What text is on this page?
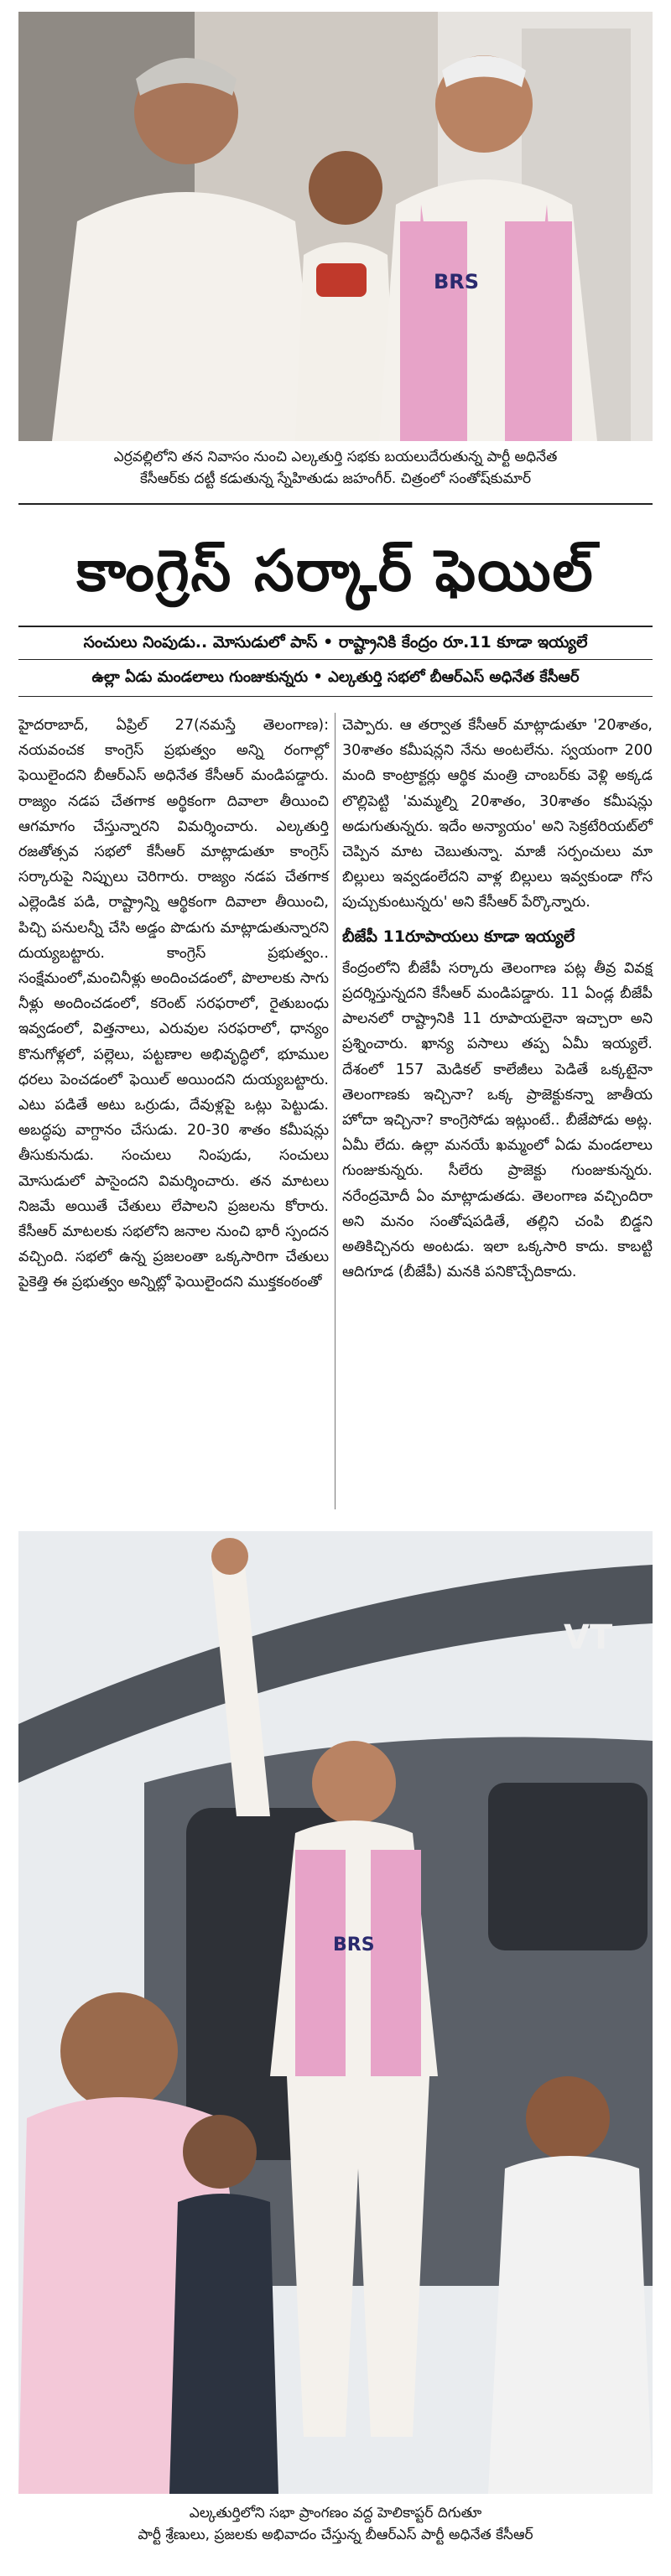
BRS
ఎర్రవల్లిలోని తన నివాసం నుంచి ఎల్కతుర్తి సభకు బయలుదేరుతున్న పార్టీ అధినేత
కేసీఆర్‌కు దట్టీ కడుతున్న స్నేహితుడు జహంగీర్. చిత్రంలో సంతోష్‌కుమార్
కాంగ్రెస్ సర్కార్ ఫెయిల్
సంచులు నింపుడు.. మోసుడులో పాస్ • రాష్ట్రానికి కేంద్రం రూ.11 కూడా ఇయ్యలే
ఉల్లా ఏడు మండలాలు గుంజుకున్నరు • ఎల్కతుర్తి సభలో బీఆర్‌ఎస్ అధినేత కేసీఆర్

హైదరాబాద్, ఏప్రిల్ 27(నమస్తే తెలంగాణ): నయవంచక కాంగ్రెస్ ప్రభుత్వం అన్ని రంగాల్లో ఫెయిలైందని బీఆర్‌ఎస్ అధినేత కేసీఆర్ మండిపడ్డారు. రాజ్యం నడప చేతగాక అర్థికంగా దివాలా తీయించి ఆగమాగం చేస్తున్నారని విమర్శించారు. ఎల్కతుర్తి రజతోత్సవ సభలో కేసీఆర్ మాట్లాడుతూ కాంగ్రెస్ సర్కారుపై నిప్పులు చెరిగారు. రాజ్యం నడప చేతగాక ఎల్లెండిక పడి, రాష్ట్రాన్ని ఆర్థికంగా దివాలా తీయించి, పిచ్చి పనులన్నీ చేసి అడ్డం పొడుగు మాట్లాడుతున్నారని దుయ్యబట్టారు. కాంగ్రెస్ ప్రభుత్వం.. సంక్షేమంలో,మంచినీళ్లు అందించడంలో, పొలాలకు సాగు నీళ్లు అందించడంలో, కరెంట్ సరఫరాలో, రైతుబంధు ఇవ్వడంలో, విత్తనాలు, ఎరువుల సరఫరాలో, ధాన్యం కొనుగోళ్లలో, పల్లెలు, పట్టణాల అభివృద్ధిలో, భూముల ధరలు పెంచడంలో ఫెయిల్ అయిందని దుయ్యబట్టారు. ఎటు పడితే అటు ఒర్రుడు, దేవుళ్లపై ఒట్లు పెట్టుడు. అబద్ధపు వాగ్దానం చేసుడు. 20-30 శాతం కమీషన్లు తీసుకునుడు. సంచులు నింపుడు, సంచులు మోసుడులో పాసైందని విమర్శించారు. తన మాటలు నిజమే అయితే చేతులు లేపాలని ప్రజలను కోరారు. కేసీఆర్ మాటలకు సభలోని జనాల నుంచి భారీ స్పందన వచ్చింది. సభలో ఉన్న ప్రజలంతా ఒక్కసారిగా చేతులు పైకెత్తి ఈ ప్రభుత్వం అన్నిట్లో ఫెయిలైందని ముక్తకంఠంతో

చెప్పారు. ఆ తర్వాత కేసీఆర్ మాట్లాడుతూ '20శాతం, 30శాతం కమీషన్లని నేను అంటలేను. స్వయంగా 200 మంది కాంట్రాక్టర్లు ఆర్థిక మంత్రి చాంబర్‌కు వెళ్లి అక్కడ లొల్లిపెట్టి 'మమ్మల్ని 20శాతం, 30శాతం కమీషన్లు అడుగుతున్నరు. ఇదేం అన్యాయం' అని సెక్రటేరియట్‌లో చెప్పిన మాట చెబుతున్నా. మాజీ సర్పంచులు మా బిల్లులు ఇవ్వడంలేదని వాళ్ల బిల్లులు ఇవ్వకుండా గోస పుచ్చుకుంటున్నరు' అని కేసీఆర్ పేర్కొన్నారు.

బీజేపీ 11రూపాయలు కూడా ఇయ్యలే

కేంద్రంలోని బీజేపీ సర్కారు తెలంగాణ పట్ల తీవ్ర వివక్ష ప్రదర్శిస్తున్నదని కేసీఆర్ మండిపడ్డారు. 11 ఏండ్ల బీజేపీ పాలనలో రాష్ట్రానికి 11 రూపాయలైనా ఇచ్చారా అని ప్రశ్నించారు. ఖాన్య పసాలు తప్ప ఏమీ ఇయ్యలే. దేశంలో 157 మెడికల్ కాలేజీలు పెడితే ఒక్కటైనా తెలంగాణకు ఇచ్చినా? ఒక్క ప్రాజెక్టుకన్నా జాతీయ హోదా ఇచ్చినా? కాంగ్రెసోడు ఇట్లుంటే.. బీజేపోడు అట్ల. ఏమీ లేదు. ఉల్లా మనయే ఖమ్మంలో ఏడు మండలాలు గుంజుకున్నరు. సీలేరు ప్రాజెక్టు గుంజుకున్నరు. నరేంద్రమోదీ ఏం మాట్లాడుతడు. తెలంగాణ వచ్చిందిరా అని మనం సంతోషపడితే, తల్లిని చంపి బిడ్డని అతికిచ్చినరు అంటడు. ఇలా ఒక్కసారి కాదు. కాబట్టి ఆదిగూడ (బీజేపీ) మనకి పనికొచ్చేదికాదు.

VT
BRS
ఎల్కతుర్తిలోని సభా ప్రాంగణం వద్ద హెలికాప్టర్ దిగుతూ
పార్టీ శ్రేణులు, ప్రజలకు అభివాదం చేస్తున్న బీఆర్‌ఎస్ పార్టీ అధినేత కేసీఆర్
